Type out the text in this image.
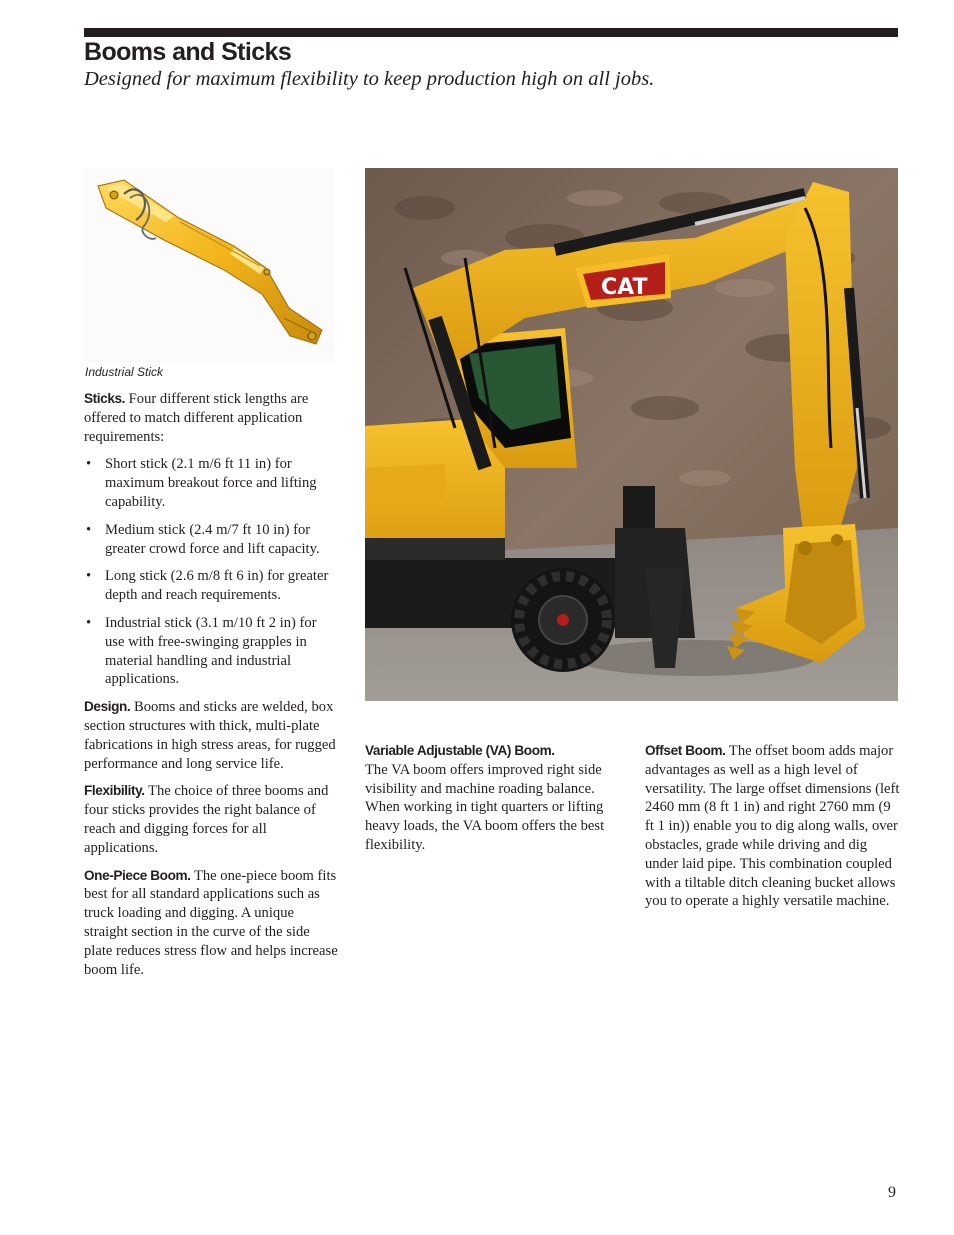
Booms and Sticks

Designed for maximum flexibility to keep production high on all jobs.

Industrial Stick

Sticks. Four different stick lengths are offered to match different application requirements:

• Short stick (2.1 m/6 ft 11 in) for maximum breakout force and lifting capability.
• Medium stick (2.4 m/7 ft 10 in) for greater crowd force and lift capacity.
• Long stick (2.6 m/8 ft 6 in) for greater depth and reach requirements.
• Industrial stick (3.1 m/10 ft 2 in) for use with free-swinging grapples in material handling and industrial applications.

Design. Booms and sticks are welded, box section structures with thick, multi-plate fabrications in high stress areas, for rugged performance and long service life.

Flexibility. The choice of three booms and four sticks provides the right balance of reach and digging forces for all applications.

One-Piece Boom. The one-piece boom fits best for all standard applications such as truck loading and digging. A unique straight section in the curve of the side plate reduces stress flow and helps increase boom life.

CAT

Variable Adjustable (VA) Boom.
The VA boom offers improved right side visibility and machine roading balance. When working in tight quarters or lifting heavy loads, the VA boom offers the best flexibility.

Offset Boom. The offset boom adds major advantages as well as a high level of versatility. The large offset dimensions (left 2460 mm (8 ft 1 in) and right 2760 mm (9 ft 1 in)) enable you to dig along walls, over obstacles, grade while driving and dig under laid pipe. This combination coupled with a tiltable ditch cleaning bucket allows you to operate a highly versatile machine.

9
